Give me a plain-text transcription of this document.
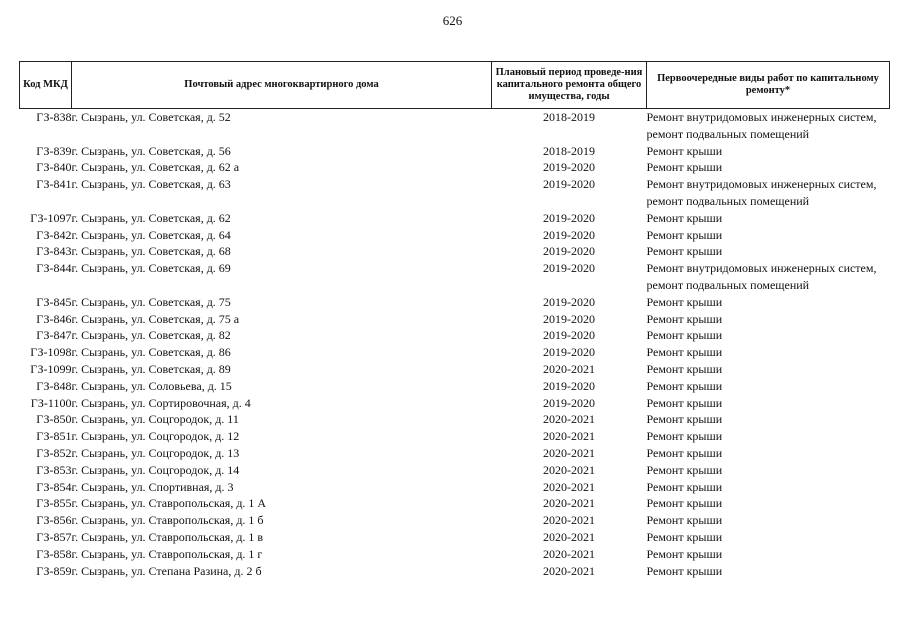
626
Код МКД	Почтовый адрес многоквартирного дома	Плановый период проведе-ния капитального ремонта общего имущества, годы	Первоочередные виды работ по капитальному ремонту*
ГЗ-838	г. Сызрань, ул. Советская, д. 52	2018-2019	Ремонт внутридомовых инженерных систем,
ремонт подвальных помещений

ГЗ-839	г. Сызрань, ул. Советская, д. 56	2018-2019	Ремонт крыши

ГЗ-840	г. Сызрань, ул. Советская, д. 62 а	2019-2020	Ремонт крыши

ГЗ-841	г. Сызрань, ул. Советская, д. 63	2019-2020	Ремонт внутридомовых инженерных систем,
ремонт подвальных помещений

ГЗ-1097	г. Сызрань, ул. Советская, д. 62	2019-2020	Ремонт крыши

ГЗ-842	г. Сызрань, ул. Советская, д. 64	2019-2020	Ремонт крыши

ГЗ-843	г. Сызрань, ул. Советская, д. 68	2019-2020	Ремонт крыши

ГЗ-844	г. Сызрань, ул. Советская, д. 69	2019-2020	Ремонт внутридомовых инженерных систем,
ремонт подвальных помещений

ГЗ-845	г. Сызрань, ул. Советская, д. 75	2019-2020	Ремонт крыши

ГЗ-846	г. Сызрань, ул. Советская, д. 75 а	2019-2020	Ремонт крыши

ГЗ-847	г. Сызрань, ул. Советская, д. 82	2019-2020	Ремонт крыши

ГЗ-1098	г. Сызрань, ул. Советская, д. 86	2019-2020	Ремонт крыши

ГЗ-1099	г. Сызрань, ул. Советская, д. 89	2020-2021	Ремонт крыши

ГЗ-848	г. Сызрань, ул. Соловьева, д. 15	2019-2020	Ремонт крыши

ГЗ-1100	г. Сызрань, ул. Сортировочная, д. 4	2019-2020	Ремонт крыши

ГЗ-850	г. Сызрань, ул. Соцгородок, д. 11	2020-2021	Ремонт крыши

ГЗ-851	г. Сызрань, ул. Соцгородок, д. 12	2020-2021	Ремонт крыши

ГЗ-852	г. Сызрань, ул. Соцгородок, д. 13	2020-2021	Ремонт крыши

ГЗ-853	г. Сызрань, ул. Соцгородок, д. 14	2020-2021	Ремонт крыши

ГЗ-854	г. Сызрань, ул. Спортивная, д. 3	2020-2021	Ремонт крыши

ГЗ-855	г. Сызрань, ул. Ставропольская, д. 1 А	2020-2021	Ремонт крыши

ГЗ-856	г. Сызрань, ул. Ставропольская, д. 1 б	2020-2021	Ремонт крыши

ГЗ-857	г. Сызрань, ул. Ставропольская, д. 1 в	2020-2021	Ремонт крыши

ГЗ-858	г. Сызрань, ул. Ставропольская, д. 1 г	2020-2021	Ремонт крыши

ГЗ-859	г. Сызрань, ул. Степана Разина, д. 2 б	2020-2021	Ремонт крыши
